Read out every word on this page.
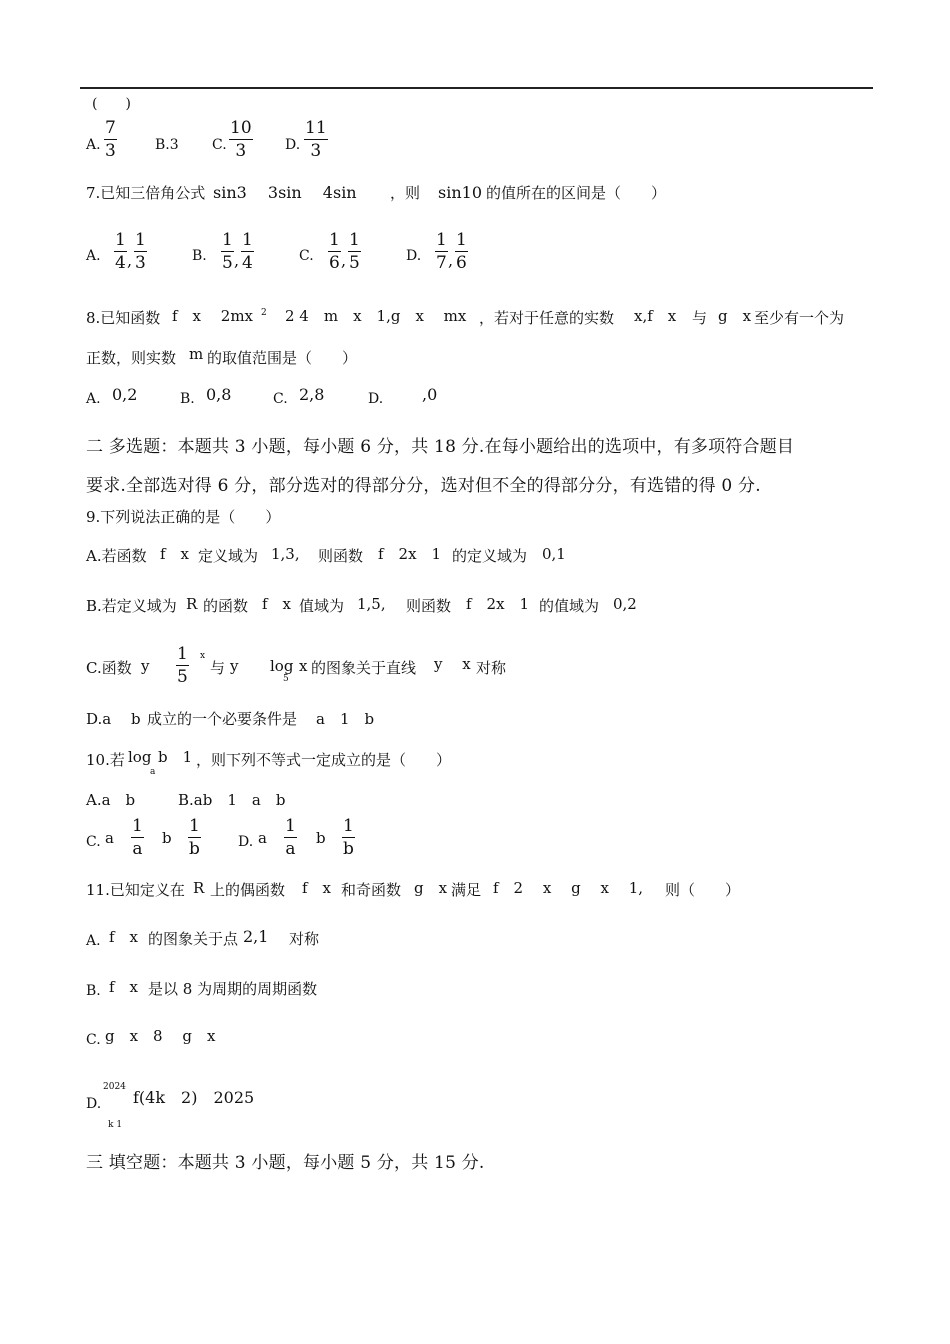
(　　)
A.
7
3	B.3 C.
10
3	D.
11
3
7.已知三倍角公式 sin3　 3sin　 4sin ，则 sin10 的值所在的区间是（　　）
A.
1
4 ,
1
3	B.
1
5 ,
1
4	C.
1
6 ,
1
5	D.
1
7 ,
1
6
8.已知函数 f　x　 2mx 2 2 4　m　x　1,g　x　 mx ，若对于任意的实数 x,f　x 与 g　x 至少有一个为
正数，则实数 m 的取值范围是（　　）
A. 0,2	B. 0,8	C. 2,8	D. ,0
二 多选题：本题共 3 小题，每小题 6 分，共 18 分.在每小题给出的选项中，有多项符合题目
要求.全部选对得 6 分，部分选对的得部分分，选对但不全的得部分分，有选错的得 0 分.
9.下列说法正确的是（　　）
A.若函数 f　x 定义域为 1,3, 则函数 f　2x　1 的定义域为 0,1
B.若定义域为 R 的函数 f　x 值域为 1,5, 则函数 f　2x　1 的值域为 0,2
C.函数 y
1
5
x
与 y log
5
x 的图象关于直线 y　 x 对称
D.a　 b 成立的一个必要条件是 a　1　b
10.若 log
a
b　1 ，则下列不等式一定成立的是（　　）
A.a　b	B.ab　1　a　b
C. a
1
a
b
1
b	D. a
1
a
b
1
b
11.已知定义在 R 上的偶函数 f　x 和奇函数 g　x 满足 f　2　 x　 g　 x　 1, 则（　　）
A. f　x 的图象关于点 2,1 对称
B. f　x 是以 8 为周期的周期函数
C. g　x　8　 g　x
D.
2024
f(4k　2)　2025
k 1
三 填空题：本题共 3 小题，每小题 5 分，共 15 分.
